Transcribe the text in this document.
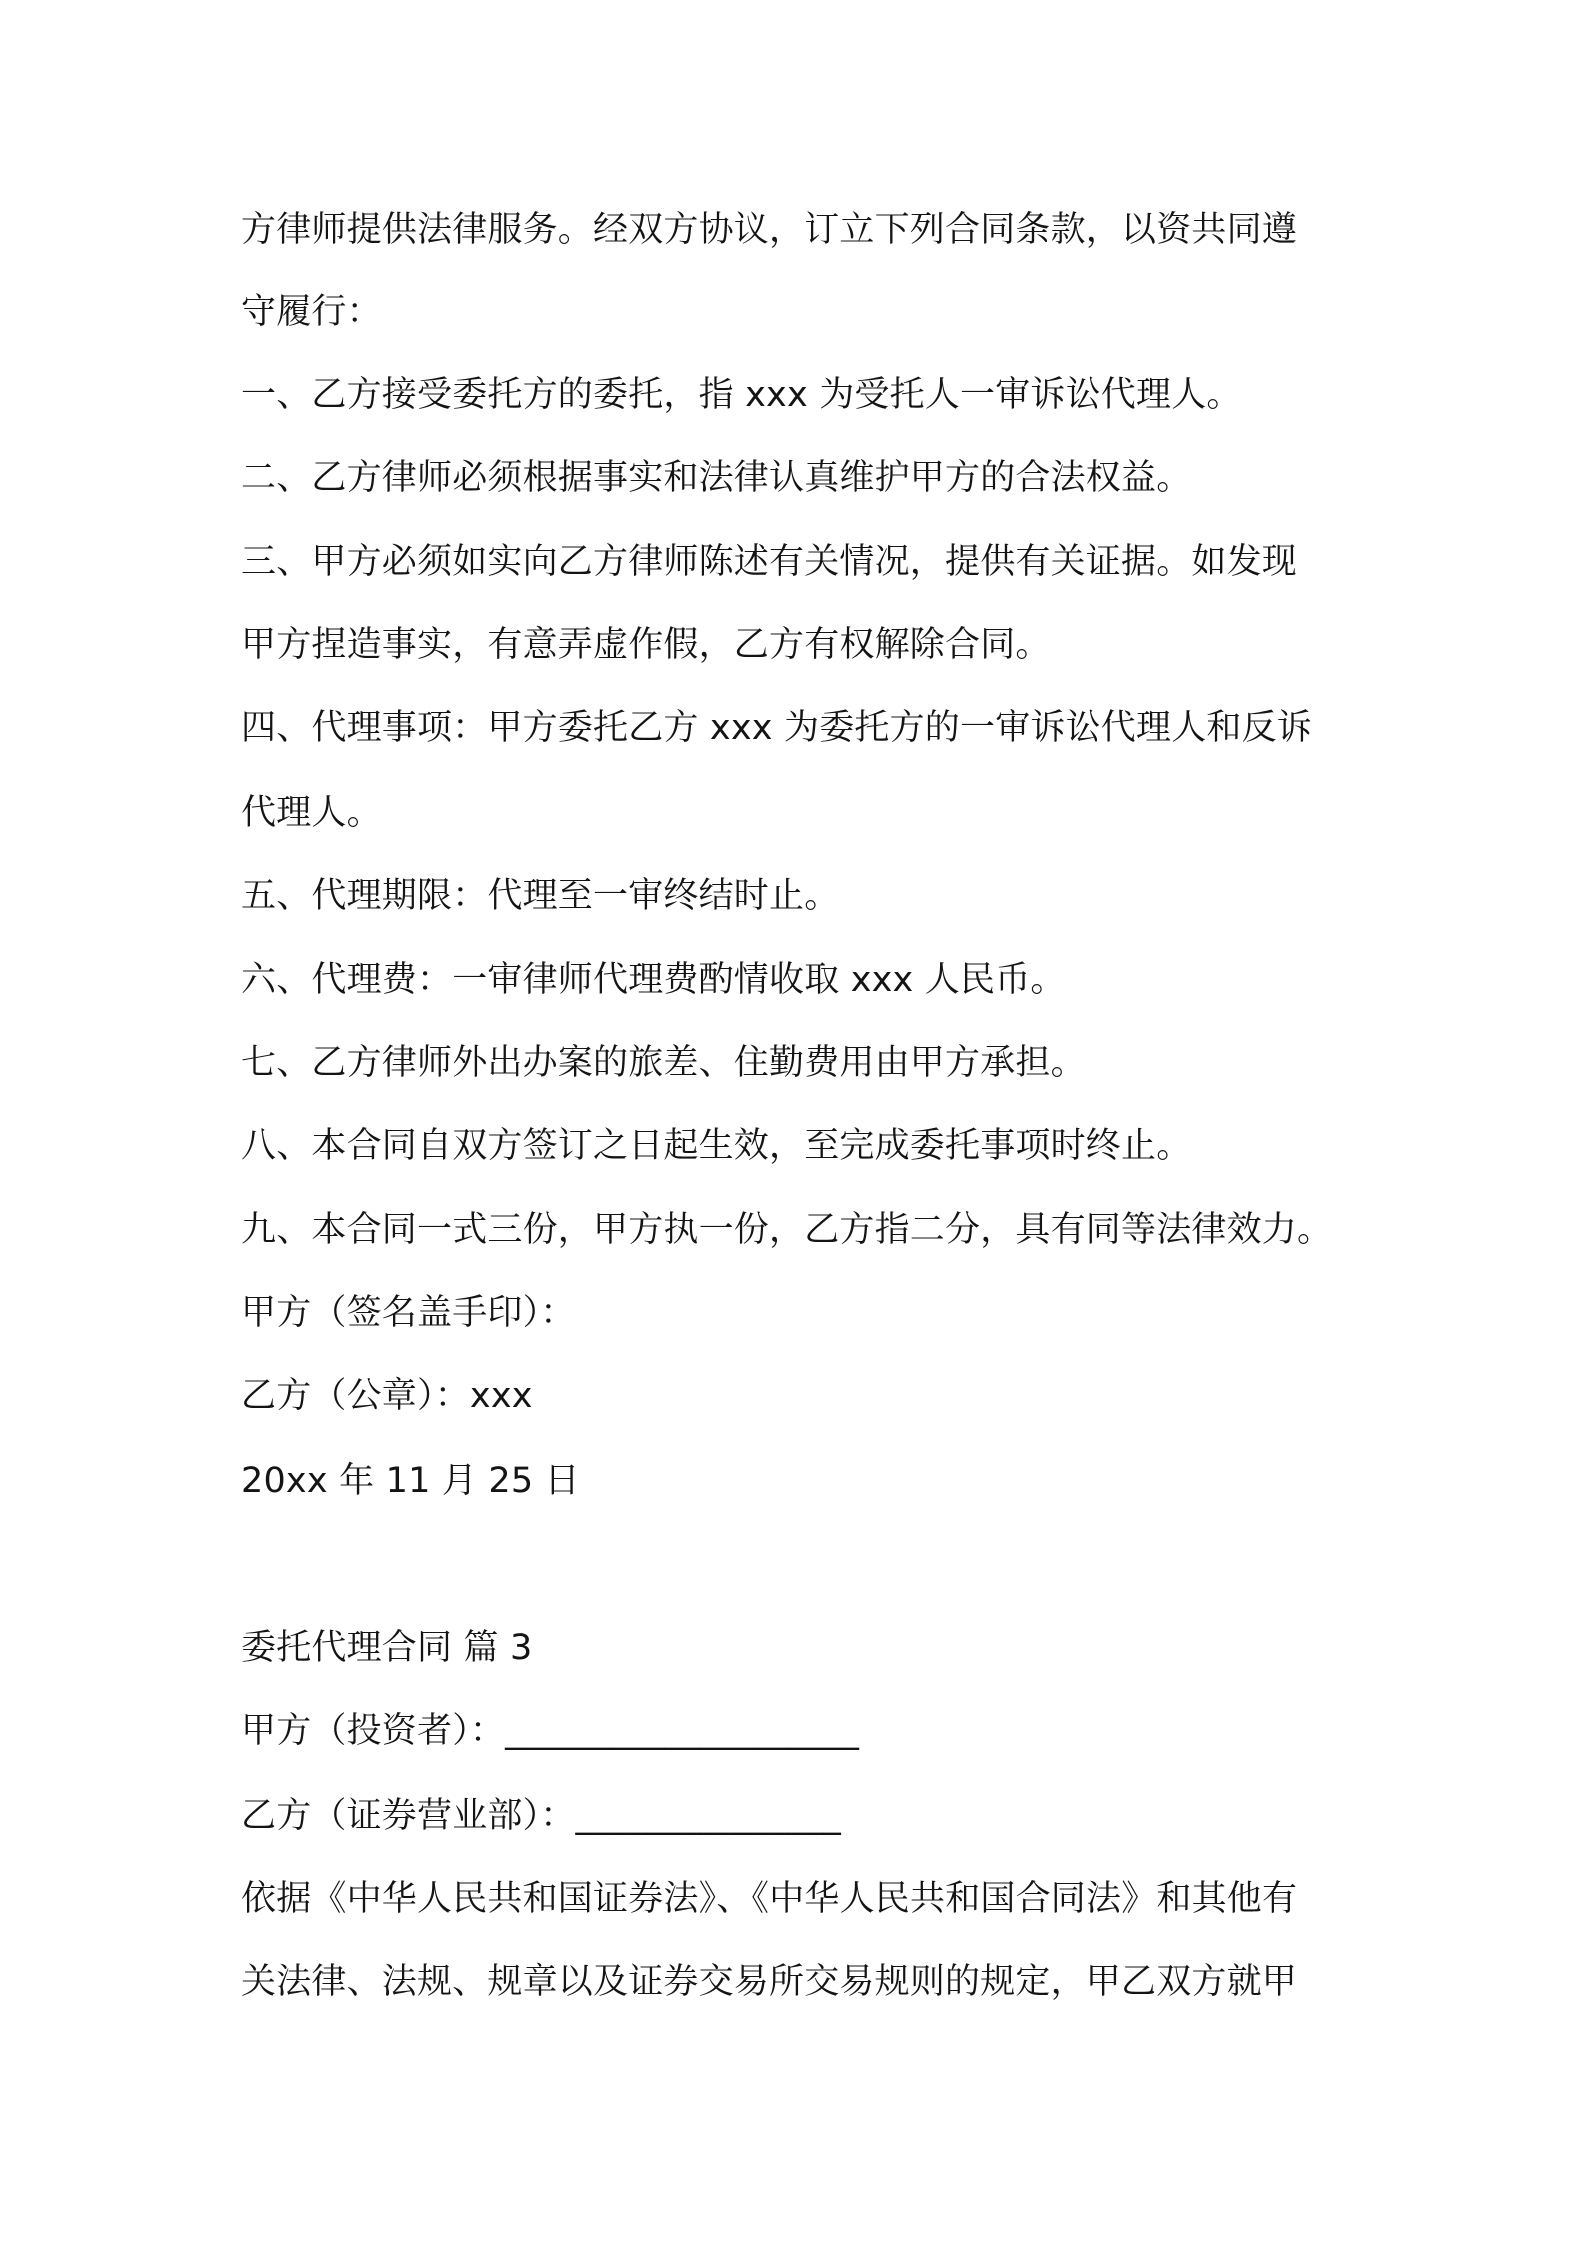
方律师提供法律服务。经双方协议，订立下列合同条款，以资共同遵
守履行：
一、乙方接受委托方的委托，指 xxx 为受托人一审诉讼代理人。
二、乙方律师必须根据事实和法律认真维护甲方的合法权益。
三、甲方必须如实向乙方律师陈述有关情况，提供有关证据。如发现
甲方捏造事实，有意弄虚作假，乙方有权解除合同。
四、代理事项：甲方委托乙方 xxx 为委托方的一审诉讼代理人和反诉
代理人。
五、代理期限：代理至一审终结时止。
六、代理费：一审律师代理费酌情收取 xxx 人民币。
七、乙方律师外出办案的旅差、住勤费用由甲方承担。
八、本合同自双方签订之日起生效，至完成委托事项时终止。
九、本合同一式三份，甲方执一份，乙方指二分，具有同等法律效力。
甲方（签名盖手印）：
乙方（公章）：xxx
20xx 年 11 月 25 日
委托代理合同 篇 3
甲方（投资者）：____________________
乙方（证券营业部）：_______________
依据《中华人民共和国证券法》、《中华人民共和国合同法》和其他有
关法律、法规、规章以及证券交易所交易规则的规定，甲乙双方就甲
